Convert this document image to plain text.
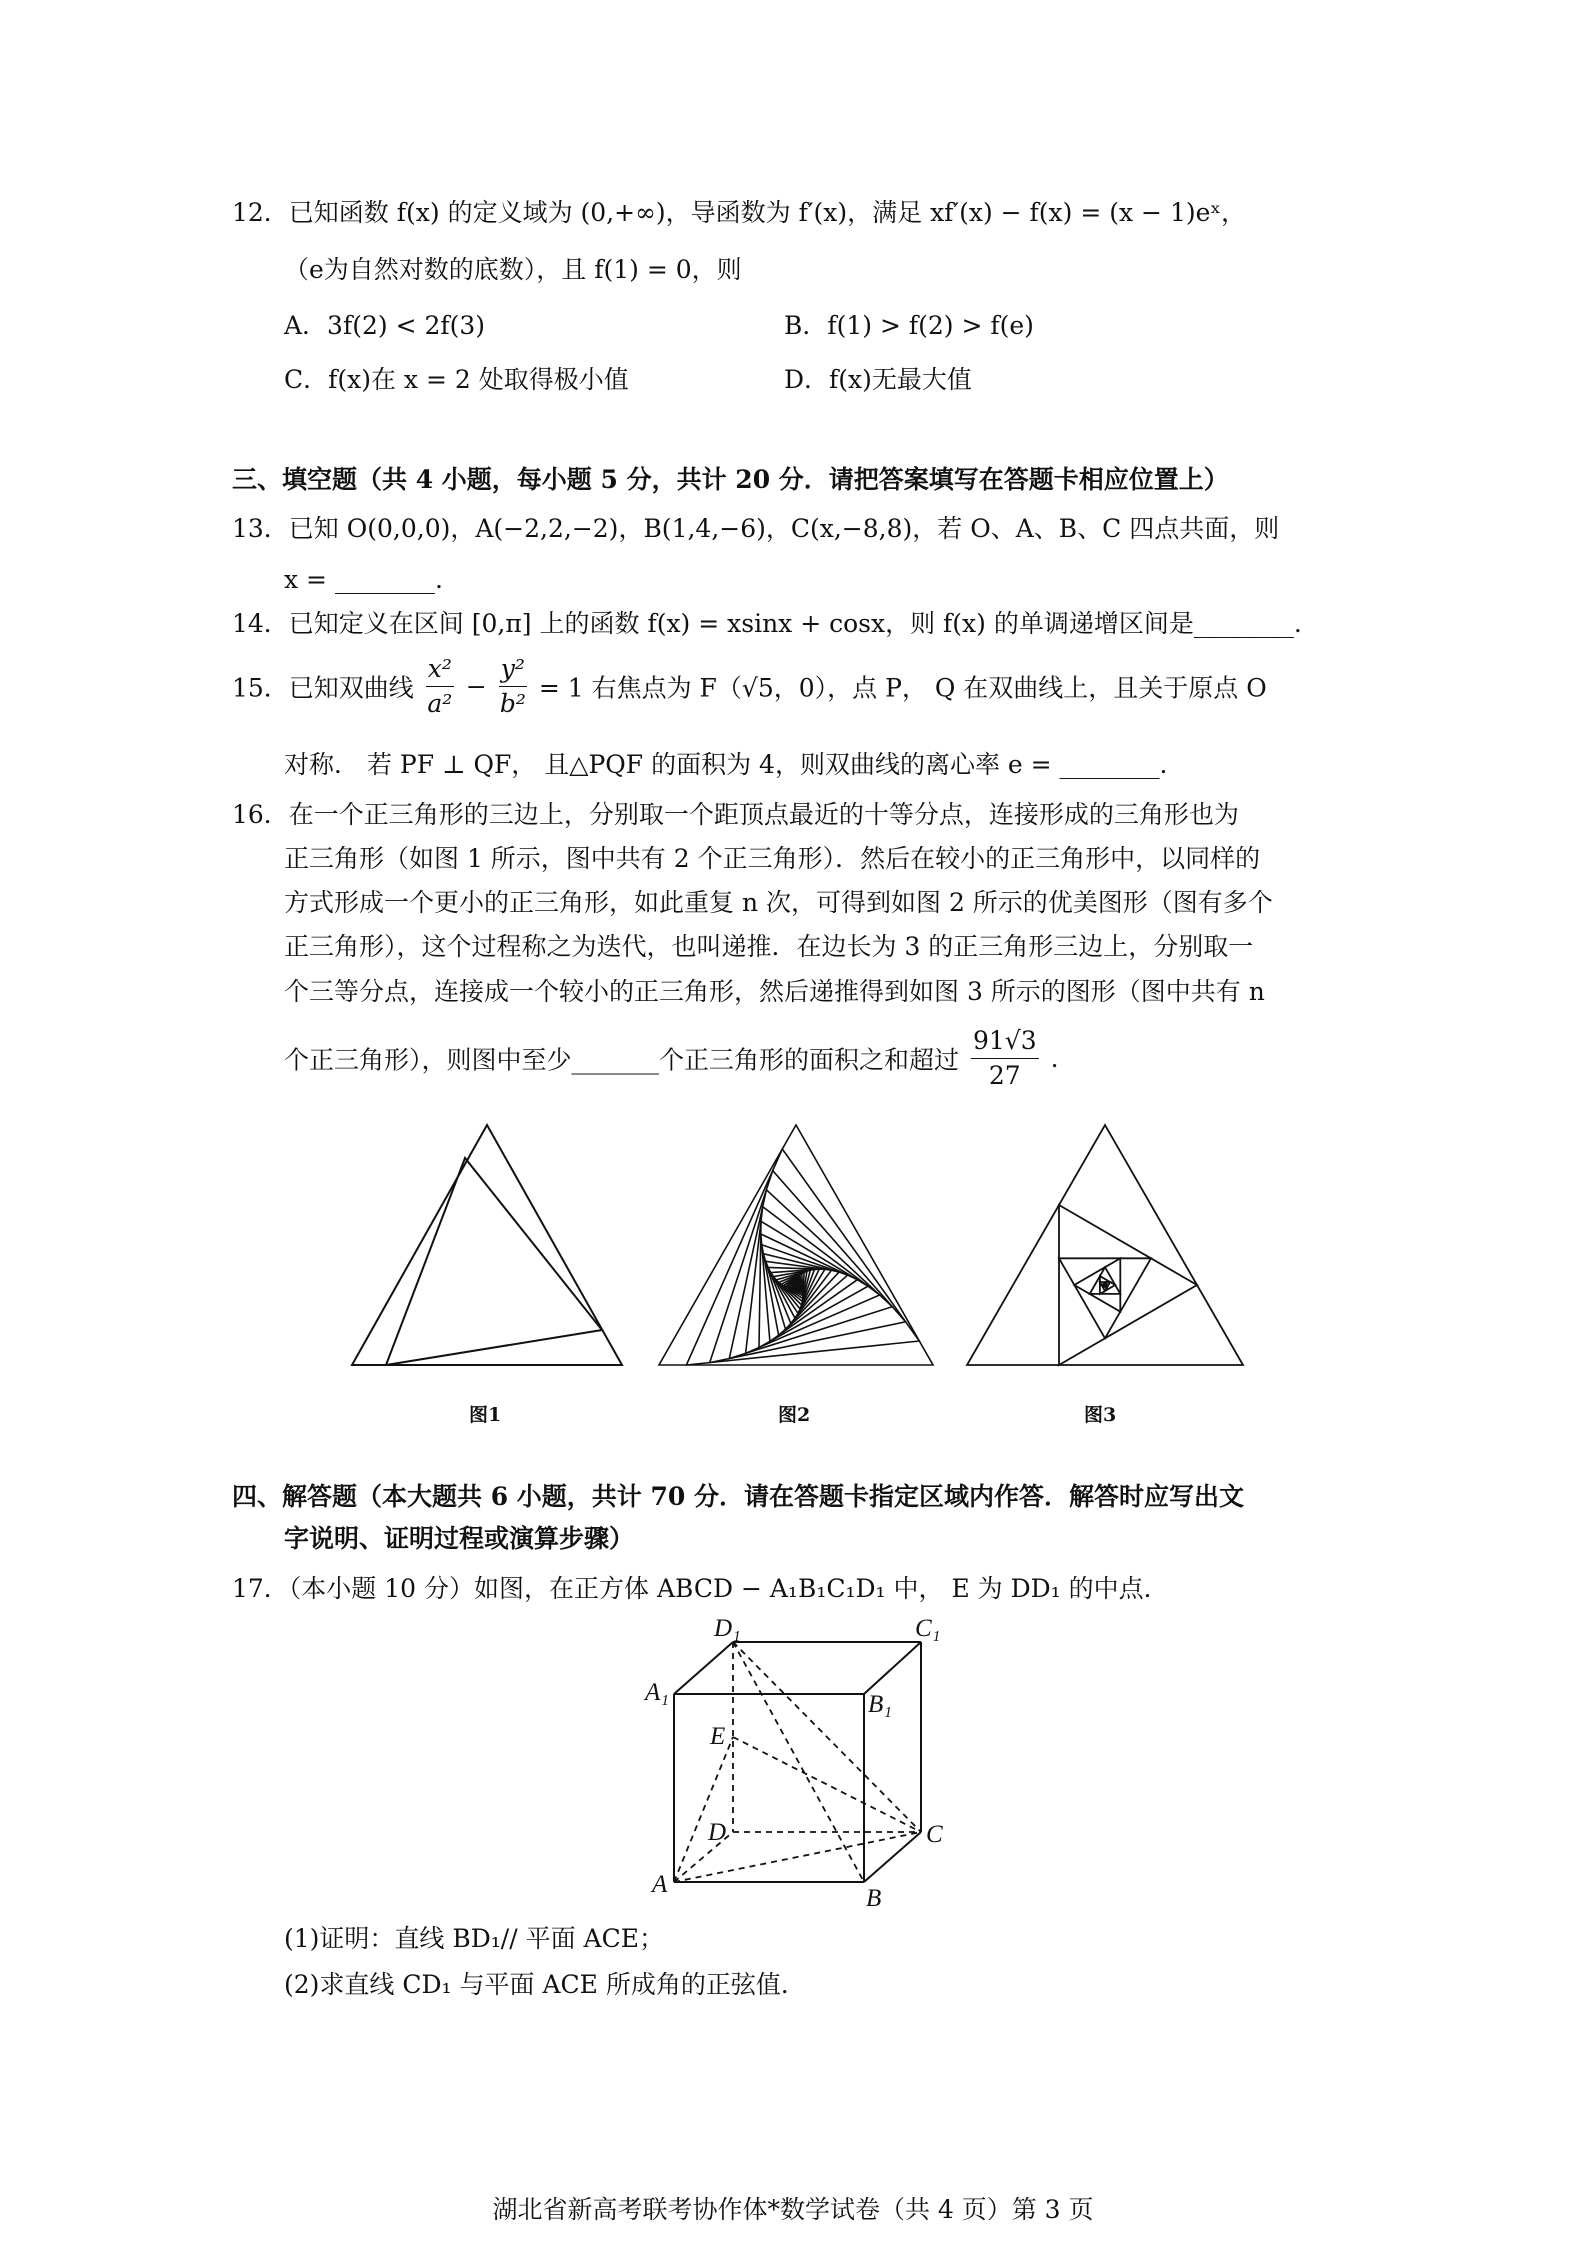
12．已知函数 f(x) 的定义域为 (0,+∞)，导函数为 f′(x)，满足 xf′(x) − f(x) = (x − 1)eˣ，
（e为自然对数的底数），且 f(1) = 0，则
A．3f(2) < 2f(3)	B．f(1) > f(2) > f(e)
C．f(x)在 x = 2 处取得极小值	D．f(x)无最大值
三、填空题（共 4 小题，每小题 5 分，共计 20 分．请把答案填写在答题卡相应位置上）
13．已知 O(0,0,0)，A(−2,2,−2)，B(1,4,−6)，C(x,−8,8)，若 O、A、B、C 四点共面，则
x = ________.
14．已知定义在区间 [0,π] 上的函数 f(x) = xsinx + cosx，则 f(x) 的单调递增区间是________.
15．已知双曲线 $\frac{\text{x²}}{\text{a²}} - \frac{\text{y²}}{\text{b²}} = 1$ 右焦点为 F（√5，0），点 P， Q 在双曲线上，且关于原点 O
对称． 若 PF ⊥ QF， 且△PQF 的面积为 4，则双曲线的离心率 e = ________.
16．在一个正三角形的三边上，分别取一个距顶点最近的十等分点，连接形成的三角形也为
正三角形（如图 1 所示，图中共有 2 个正三角形）．然后在较小的正三角形中，以同样的
方式形成一个更小的正三角形，如此重复 n 次，可得到如图 2 所示的优美图形（图有多个
正三角形），这个过程称之为迭代，也叫递推．在边长为 3 的正三角形三边上，分别取一
个三等分点，连接成一个较小的正三角形，然后递推得到如图 3 所示的图形（图中共有 n
个正三角形），则图中至少_______个正三角形的面积之和超过 $\frac{91√3}{27}$ .
图1	图2	图3
四、解答题（本大题共 6 小题，共计 70 分．请在答题卡指定区域内作答．解答时应写出文
字说明、证明过程或演算步骤）
17．（本小题 10 分）如图，在正方体 ABCD − A₁B₁C₁D₁ 中， E 为 DD₁ 的中点．
D₁	C₁
A₁	B₁
E
D	C
A
B
(1)证明：直线 BD₁// 平面 ACE；
(2)求直线 CD₁ 与平面 ACE 所成角的正弦值．
湖北省新高考联考协作体*数学试卷（共 4 页）第 3 页
